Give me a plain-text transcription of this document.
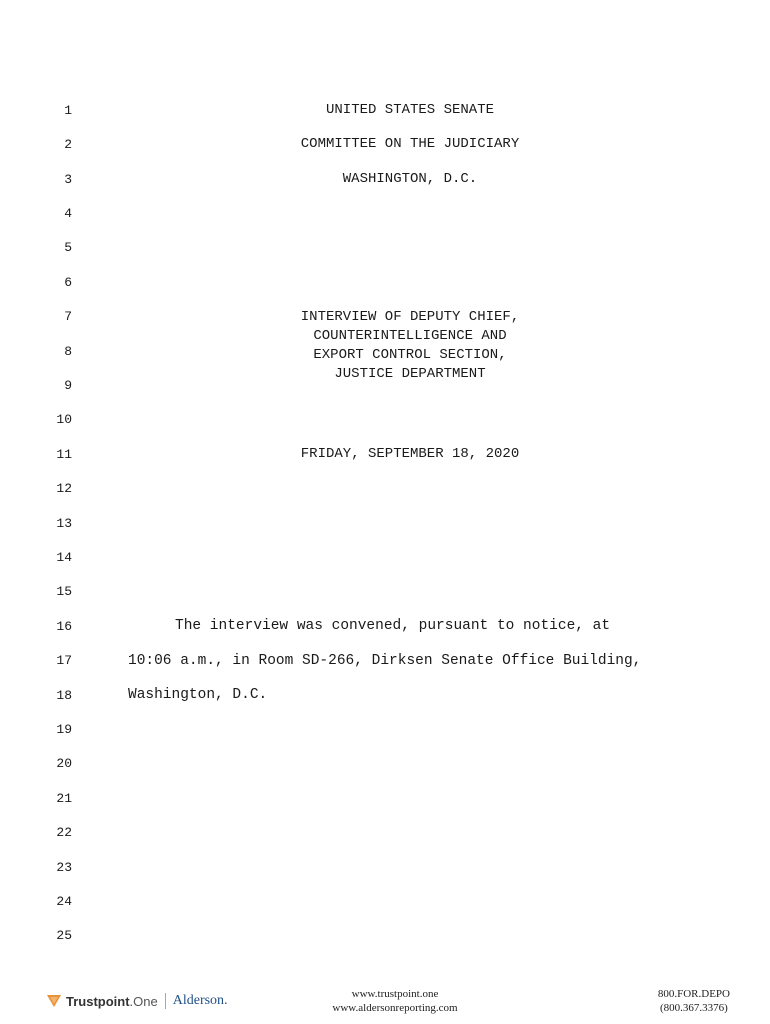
1
2
3
4
5
6
7
8
9
10
11
12
13
14
15
16
17
18
19
20
21
22
23
24
25
UNITED STATES SENATE
COMMITTEE ON THE JUDICIARY
WASHINGTON, D.C.
INTERVIEW OF DEPUTY CHIEF,
COUNTERINTELLIGENCE AND
EXPORT CONTROL SECTION,
JUSTICE DEPARTMENT
FRIDAY, SEPTEMBER 18, 2020
The interview was convened, pursuant to notice, at
10:06 a.m., in Room SD-266, Dirksen Senate Office Building,
Washington, D.C.
Trustpoint .One Alderson.	www.trustpoint.one
www.aldersonreporting.com
800.FOR.DEPO
(800.367.3376)
